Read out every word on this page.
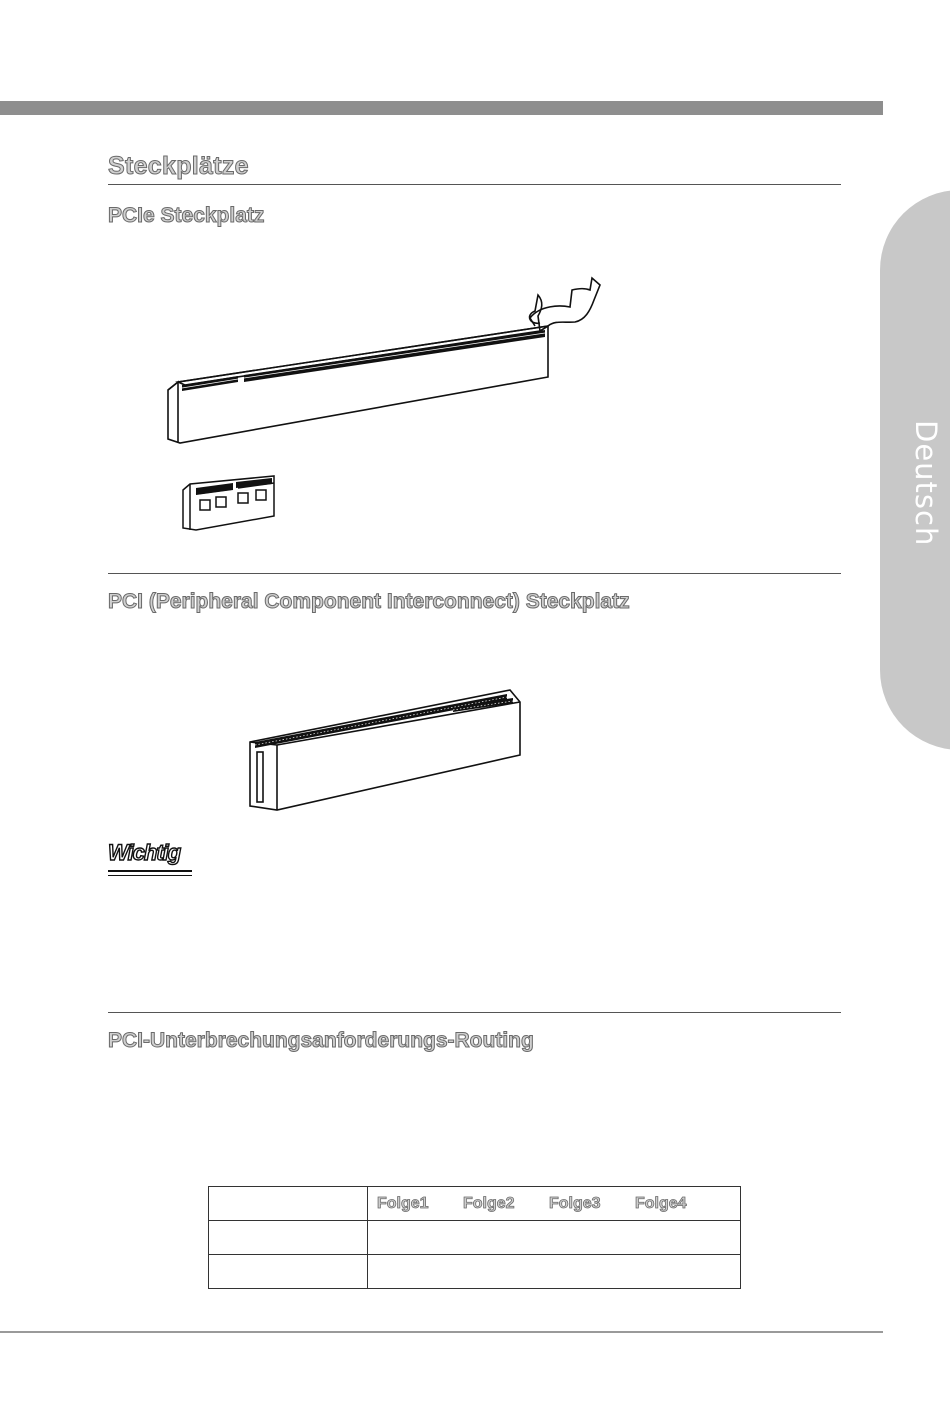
Deutsch
Steckplätze
PCIe Steckplatz
PCI (Peripheral Component Interconnect) Steckplatz
Wichtig
PCI-Unterbrechungsanforderungs-Routing

	Folge1 Folge2 Folge3 Folge4
